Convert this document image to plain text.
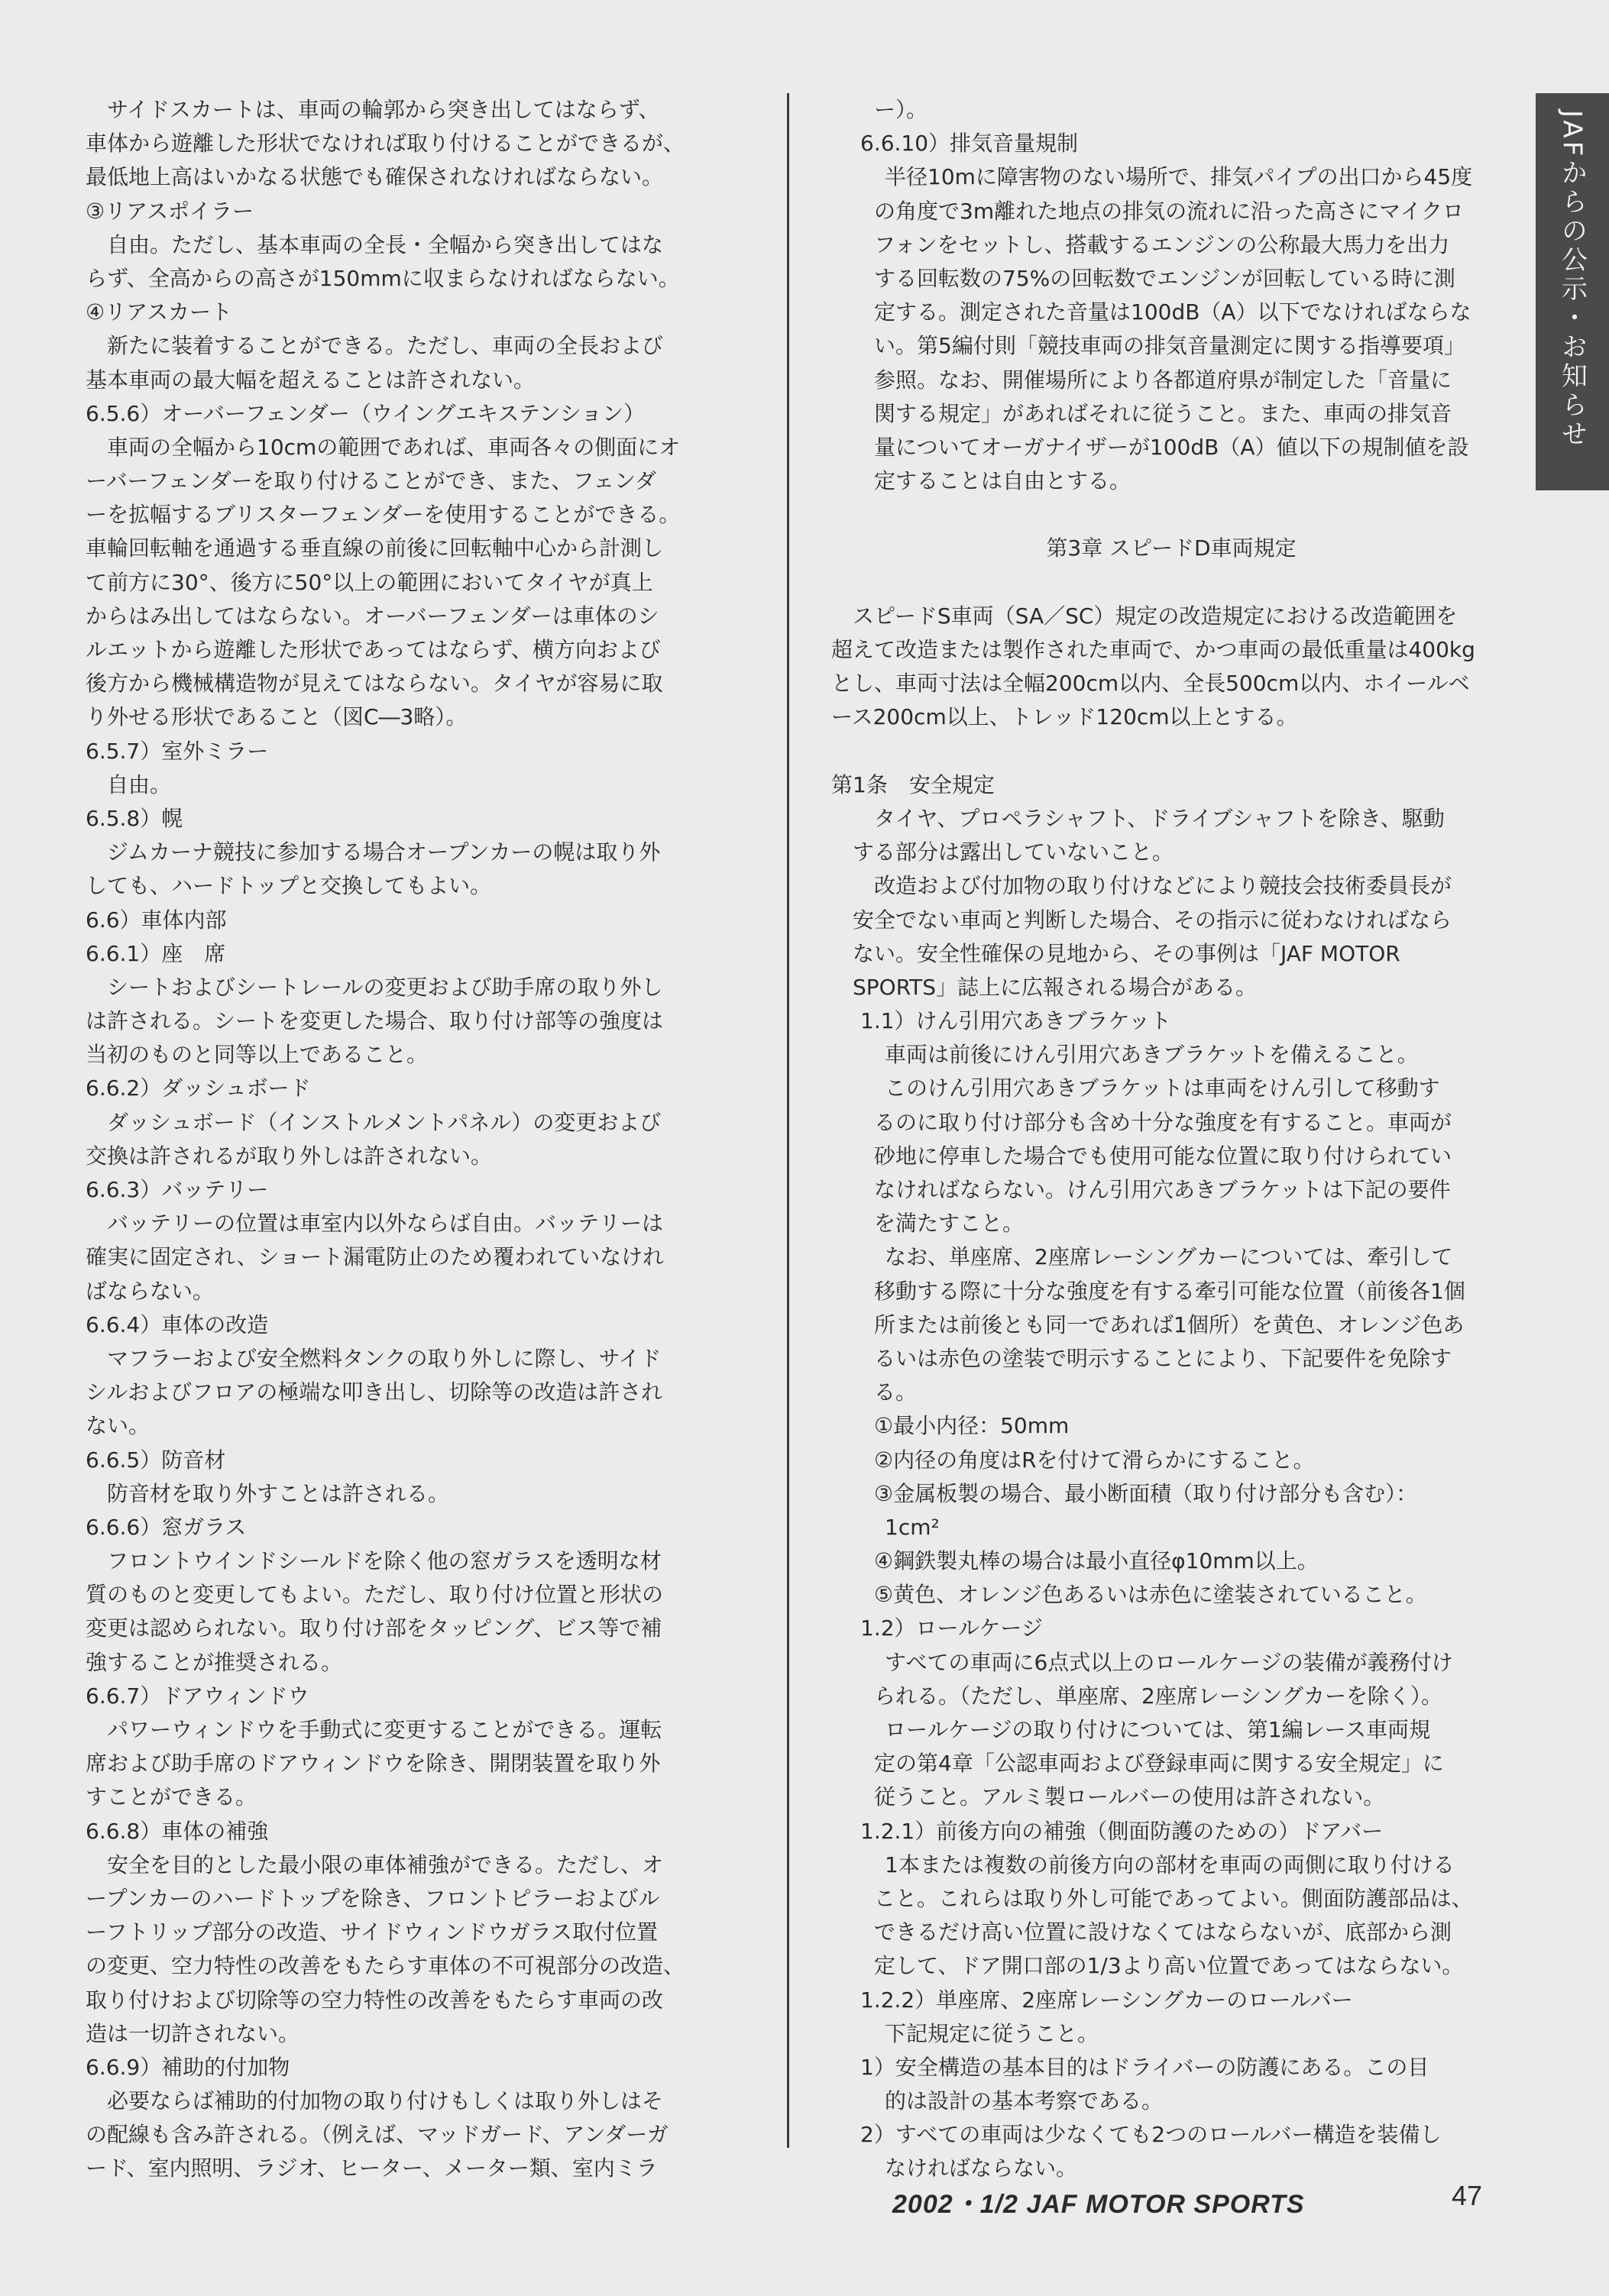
JAFからの公示・お知らせ
サイドスカートは、車両の輪郭から突き出してはならず、
車体から遊離した形状でなければ取り付けることができるが、
最低地上高はいかなる状態でも確保されなければならない。
③リアスポイラー
自由。ただし、基本車両の全長・全幅から突き出してはな
らず、全高からの高さが150mmに収まらなければならない。
④リアスカート
新たに装着することができる。ただし、車両の全長および
基本車両の最大幅を超えることは許されない。
6.5.6）オーバーフェンダー（ウイングエキステンション）
車両の全幅から10cmの範囲であれば、車両各々の側面にオ
ーバーフェンダーを取り付けることができ、また、フェンダ
ーを拡幅するブリスターフェンダーを使用することができる。
車輪回転軸を通過する垂直線の前後に回転軸中心から計測し
て前方に30°、後方に50°以上の範囲においてタイヤが真上
からはみ出してはならない。オーバーフェンダーは車体のシ
ルエットから遊離した形状であってはならず、横方向および
後方から機械構造物が見えてはならない。タイヤが容易に取
り外せる形状であること（図C―3略）。
6.5.7）室外ミラー
自由。
6.5.8）幌
ジムカーナ競技に参加する場合オープンカーの幌は取り外
しても、ハードトップと交換してもよい。
6.6）車体内部
6.6.1）座　席
シートおよびシートレールの変更および助手席の取り外し
は許される。シートを変更した場合、取り付け部等の強度は
当初のものと同等以上であること。
6.6.2）ダッシュボード
ダッシュボード（インストルメントパネル）の変更および
交換は許されるが取り外しは許されない。
6.6.3）バッテリー
バッテリーの位置は車室内以外ならば自由。バッテリーは
確実に固定され、ショート漏電防止のため覆われていなけれ
ばならない。
6.6.4）車体の改造
マフラーおよび安全燃料タンクの取り外しに際し、サイド
シルおよびフロアの極端な叩き出し、切除等の改造は許され
ない。
6.6.5）防音材
防音材を取り外すことは許される。
6.6.6）窓ガラス
フロントウインドシールドを除く他の窓ガラスを透明な材
質のものと変更してもよい。ただし、取り付け位置と形状の
変更は認められない。取り付け部をタッピング、ビス等で補
強することが推奨される。
6.6.7）ドアウィンドウ
パワーウィンドウを手動式に変更することができる。運転
席および助手席のドアウィンドウを除き、開閉装置を取り外
すことができる。
6.6.8）車体の補強
安全を目的とした最小限の車体補強ができる。ただし、オ
ープンカーのハードトップを除き、フロントピラーおよびル
ーフトリップ部分の改造、サイドウィンドウガラス取付位置
の変更、空力特性の改善をもたらす車体の不可視部分の改造、
取り付けおよび切除等の空力特性の改善をもたらす車両の改
造は一切許されない。
6.6.9）補助的付加物
必要ならば補助的付加物の取り付けもしくは取り外しはそ
の配線も含み許される。（例えば、マッドガード、アンダーガ
ード、室内照明、ラジオ、ヒーター、メーター類、室内ミラ
ー）。
6.6.10）排気音量規制
半径10mに障害物のない場所で、排気パイプの出口から45度
の角度で3m離れた地点の排気の流れに沿った高さにマイクロ
フォンをセットし、搭載するエンジンの公称最大馬力を出力
する回転数の75%の回転数でエンジンが回転している時に測
定する。測定された音量は100dB（A）以下でなければならな
い。第5編付則「競技車両の排気音量測定に関する指導要項」
参照。なお、開催場所により各都道府県が制定した「音量に
関する規定」があればそれに従うこと。また、車両の排気音
量についてオーガナイザーが100dB（A）値以下の規制値を設
定することは自由とする。
第3章 スピードD車両規定
スピードS車両（SA／SC）規定の改造規定における改造範囲を
超えて改造または製作された車両で、かつ車両の最低重量は400kg
とし、車両寸法は全幅200cm以内、全長500cm以内、ホイールベ
ース200cm以上、トレッド120cm以上とする。
第1条　安全規定
タイヤ、プロペラシャフト、ドライブシャフトを除き、駆動
する部分は露出していないこと。
改造および付加物の取り付けなどにより競技会技術委員長が
安全でない車両と判断した場合、その指示に従わなければなら
ない。安全性確保の見地から、その事例は「JAF MOTOR
SPORTS」誌上に広報される場合がある。
1.1）けん引用穴あきブラケット
車両は前後にけん引用穴あきブラケットを備えること。
このけん引用穴あきブラケットは車両をけん引して移動す
るのに取り付け部分も含め十分な強度を有すること。車両が
砂地に停車した場合でも使用可能な位置に取り付けられてい
なければならない。けん引用穴あきブラケットは下記の要件
を満たすこと。
なお、単座席、2座席レーシングカーについては、牽引して
移動する際に十分な強度を有する牽引可能な位置（前後各1個
所または前後とも同一であれば1個所）を黄色、オレンジ色あ
るいは赤色の塗装で明示することにより、下記要件を免除す
る。
①最小内径：50mm
②内径の角度はRを付けて滑らかにすること。
③金属板製の場合、最小断面積（取り付け部分も含む）：
1cm²
④鋼鉄製丸棒の場合は最小直径φ10mm以上。
⑤黄色、オレンジ色あるいは赤色に塗装されていること。
1.2）ロールケージ
すべての車両に6点式以上のロールケージの装備が義務付け
られる。（ただし、単座席、2座席レーシングカーを除く）。
ロールケージの取り付けについては、第1編レース車両規
定の第4章「公認車両および登録車両に関する安全規定」に
従うこと。アルミ製ロールバーの使用は許されない。
1.2.1）前後方向の補強（側面防護のための）ドアバー
1本または複数の前後方向の部材を車両の両側に取り付ける
こと。これらは取り外し可能であってよい。側面防護部品は、
できるだけ高い位置に設けなくてはならないが、底部から測
定して、ドア開口部の1/3より高い位置であってはならない。
1.2.2）単座席、2座席レーシングカーのロールバー
下記規定に従うこと。
1）安全構造の基本目的はドライバーの防護にある。この目
的は設計の基本考察である。
2）すべての車両は少なくても2つのロールバー構造を装備し
なければならない。
2002・1/2 JAF MOTOR SPORTS	47
